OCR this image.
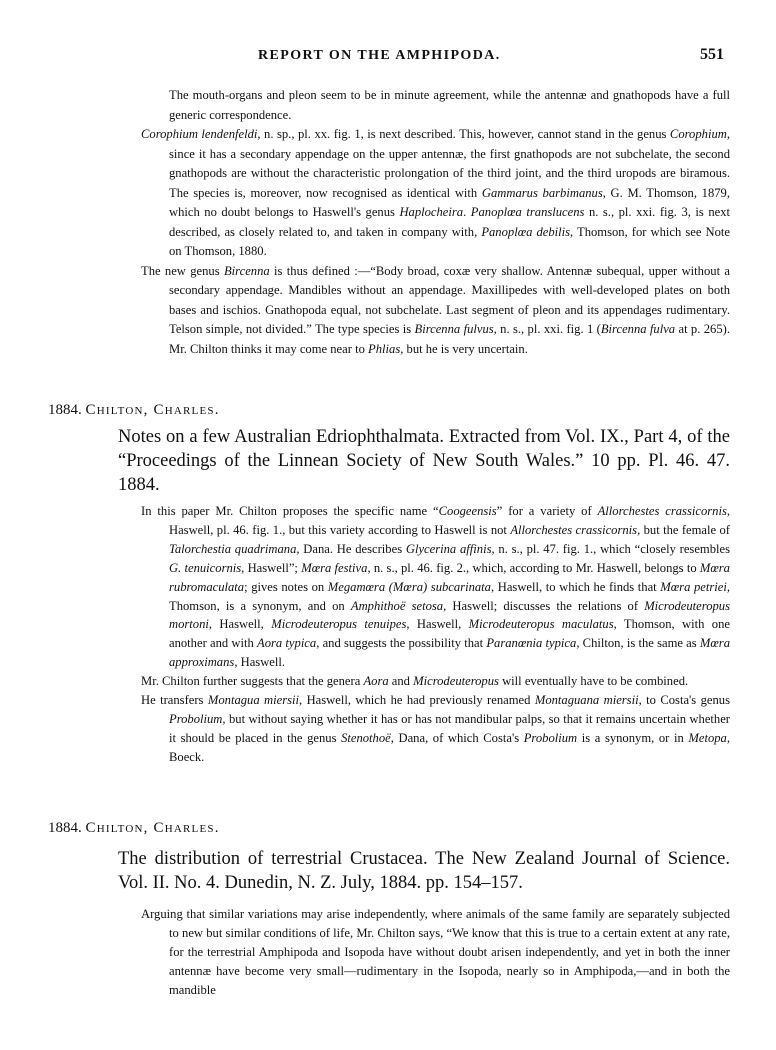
REPORT ON THE AMPHIPODA.	551

The mouth-organs and pleon seem to be in minute agreement, while the antennæ and gnathopods have a full generic correspondence.

Corophium lendenfeldi, n. sp., pl. xx. fig. 1, is next described. This, however, cannot stand in the genus Corophium, since it has a secondary appendage on the upper antennæ, the first gnathopods are not subchelate, the second gnathopods are without the characteristic prolongation of the third joint, and the third uropods are biramous. The species is, moreover, now recognised as identical with Gammarus barbimanus, G. M. Thomson, 1879, which no doubt belongs to Haswell's genus Haplocheira. Panoplœa translucens n. s., pl. xxi. fig. 3, is next described, as closely related to, and taken in company with, Panoplœa debilis, Thomson, for which see Note on Thomson, 1880.

The new genus Bircenna is thus defined :—“Body broad, coxæ very shallow. Antennæ subequal, upper without a secondary appendage. Mandibles without an appendage. Maxillipedes with well-developed plates on both bases and ischios. Gnathopoda equal, not subchelate. Last segment of pleon and its appendages rudimentary. Telson simple, not divided.” The type species is Bircenna fulvus, n. s., pl. xxi. fig. 1 (Bircenna fulva at p. 265). Mr. Chilton thinks it may come near to Phlias, but he is very uncertain.

1884. Chilton, Charles.

Notes on a few Australian Edriophthalmata. Extracted from Vol. IX., Part 4, of the “Proceedings of the Linnean Society of New South Wales.” 10 pp. Pl. 46. 47. 1884.

In this paper Mr. Chilton proposes the specific name “Coogeensis” for a variety of Allorchestes crassicornis, Haswell, pl. 46. fig. 1., but this variety according to Haswell is not Allorchestes crassicornis, but the female of Talorchestia quadrimana, Dana. He describes Glycerina affinis, n. s., pl. 47. fig. 1., which “closely resembles G. tenuicornis, Haswell”; Mœra festiva, n. s., pl. 46. fig. 2., which, according to Mr. Haswell, belongs to Mœra rubromaculata; gives notes on Megamœra (Mœra) subcarinata, Haswell, to which he finds that Mœra petriei, Thomson, is a synonym, and on Amphithoë setosa, Haswell; discusses the relations of Microdeuteropus mortoni, Haswell, Microdeuteropus tenuipes, Haswell, Microdeuteropus maculatus, Thomson, with one another and with Aora typica, and suggests the possibility that Paranœnia typica, Chilton, is the same as Mœra approximans, Haswell.

Mr. Chilton further suggests that the genera Aora and Microdeuteropus will eventually have to be combined.

He transfers Montagua miersii, Haswell, which he had previously renamed Montaguana miersii, to Costa's genus Probolium, but without saying whether it has or has not mandibular palps, so that it remains uncertain whether it should be placed in the genus Stenothoë, Dana, of which Costa's Probolium is a synonym, or in Metopa, Boeck.

1884. Chilton, Charles.

The distribution of terrestrial Crustacea. The New Zealand Journal of Science. Vol. II. No. 4. Dunedin, N. Z. July, 1884. pp. 154–157.

Arguing that similar variations may arise independently, where animals of the same family are separately subjected to new but similar conditions of life, Mr. Chilton says, “We know that this is true to a certain extent at any rate, for the terrestrial Amphipoda and Isopoda have without doubt arisen independently, and yet in both the inner antennæ have become very small—rudimentary in the Isopoda, nearly so in Amphipoda,—and in both the mandible
